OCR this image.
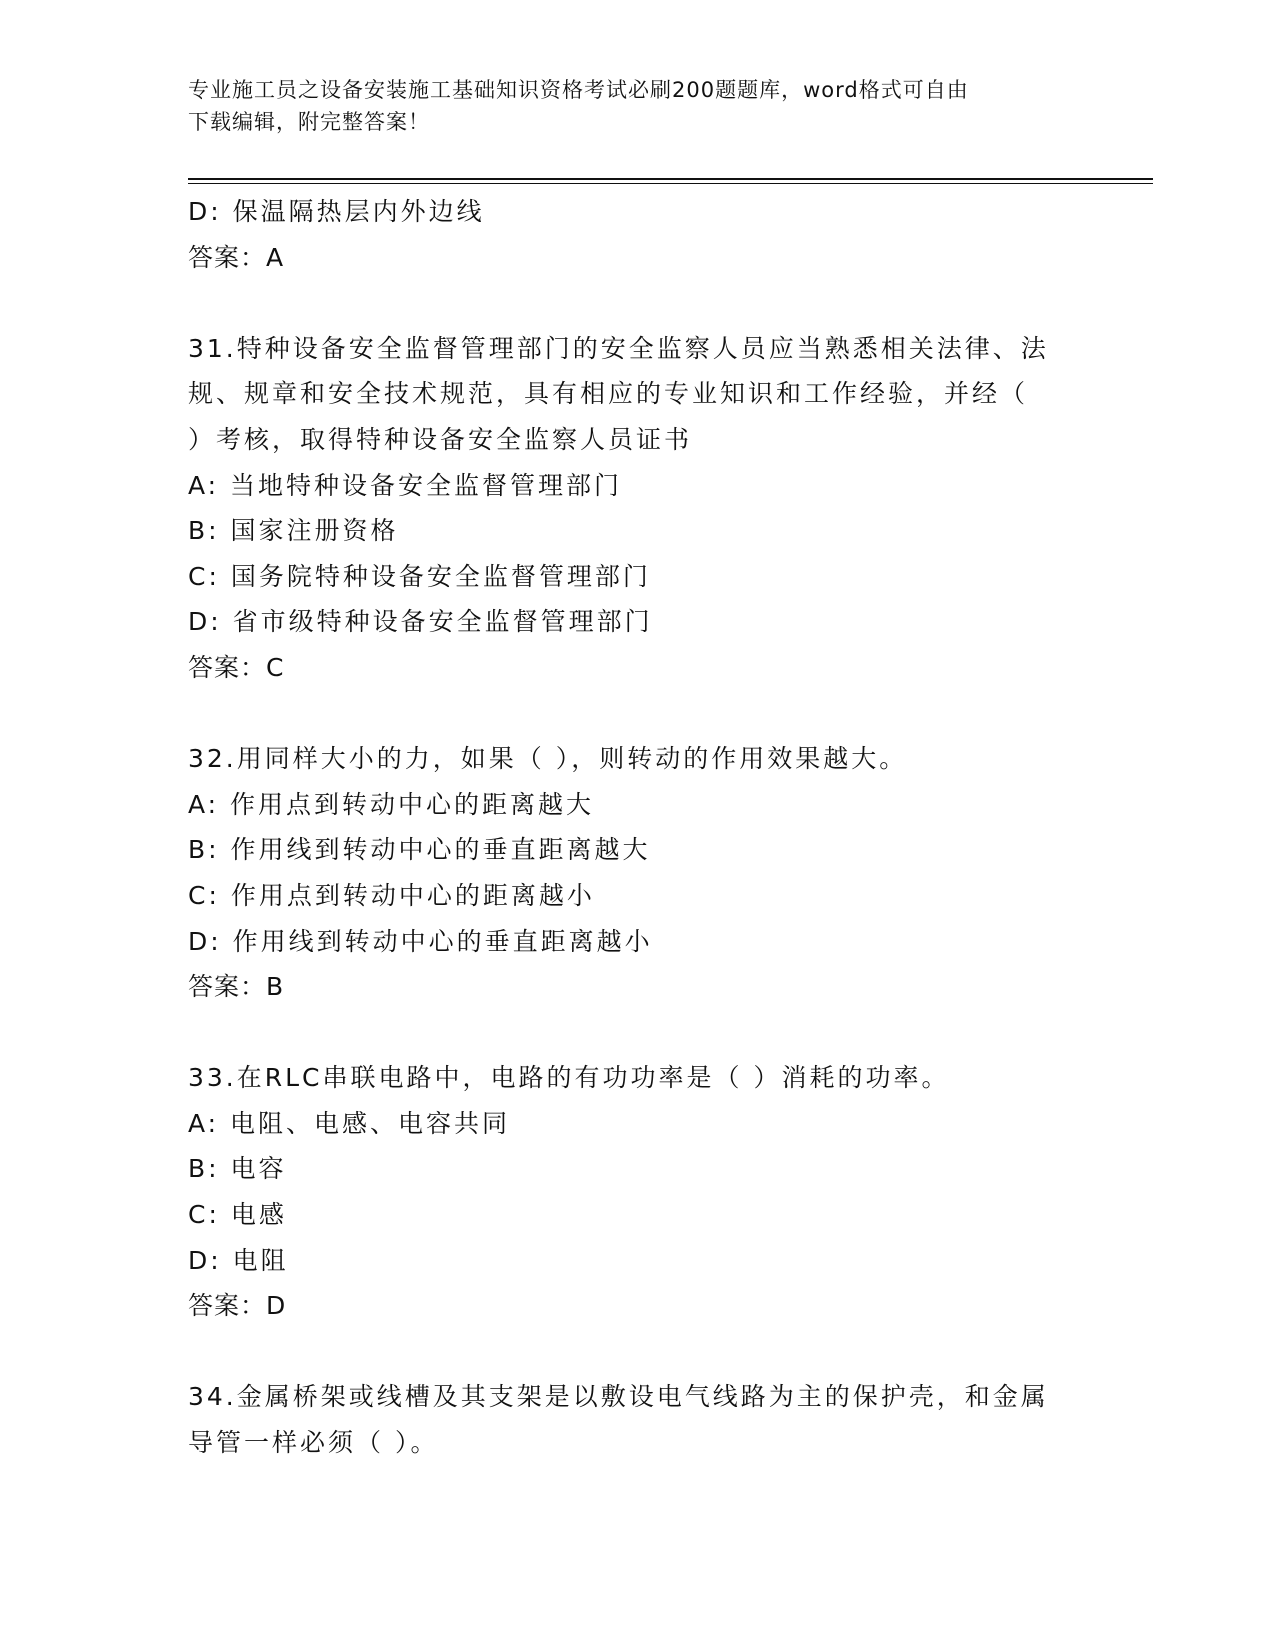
专业施工员之设备安装施工基础知识资格考试必刷200题题库，word格式可自由
下载编辑，附完整答案！
D: 保温隔热层内外边线
答案：A
31.特种设备安全监督管理部门的安全监察人员应当熟悉相关法律、法
规、规章和安全技术规范，具有相应的专业知识和工作经验，并经（
）考核，取得特种设备安全监察人员证书
A: 当地特种设备安全监督管理部门
B: 国家注册资格
C: 国务院特种设备安全监督管理部门
D: 省市级特种设备安全监督管理部门
答案：C
32.用同样大小的力，如果（ ），则转动的作用效果越大。
A: 作用点到转动中心的距离越大
B: 作用线到转动中心的垂直距离越大
C: 作用点到转动中心的距离越小
D: 作用线到转动中心的垂直距离越小
答案：B
33.在RLC串联电路中，电路的有功功率是（ ）消耗的功率。
A: 电阻、电感、电容共同
B: 电容
C: 电感
D: 电阻
答案：D
34.金属桥架或线槽及其支架是以敷设电气线路为主的保护壳，和金属
导管一样必须（ ）。
